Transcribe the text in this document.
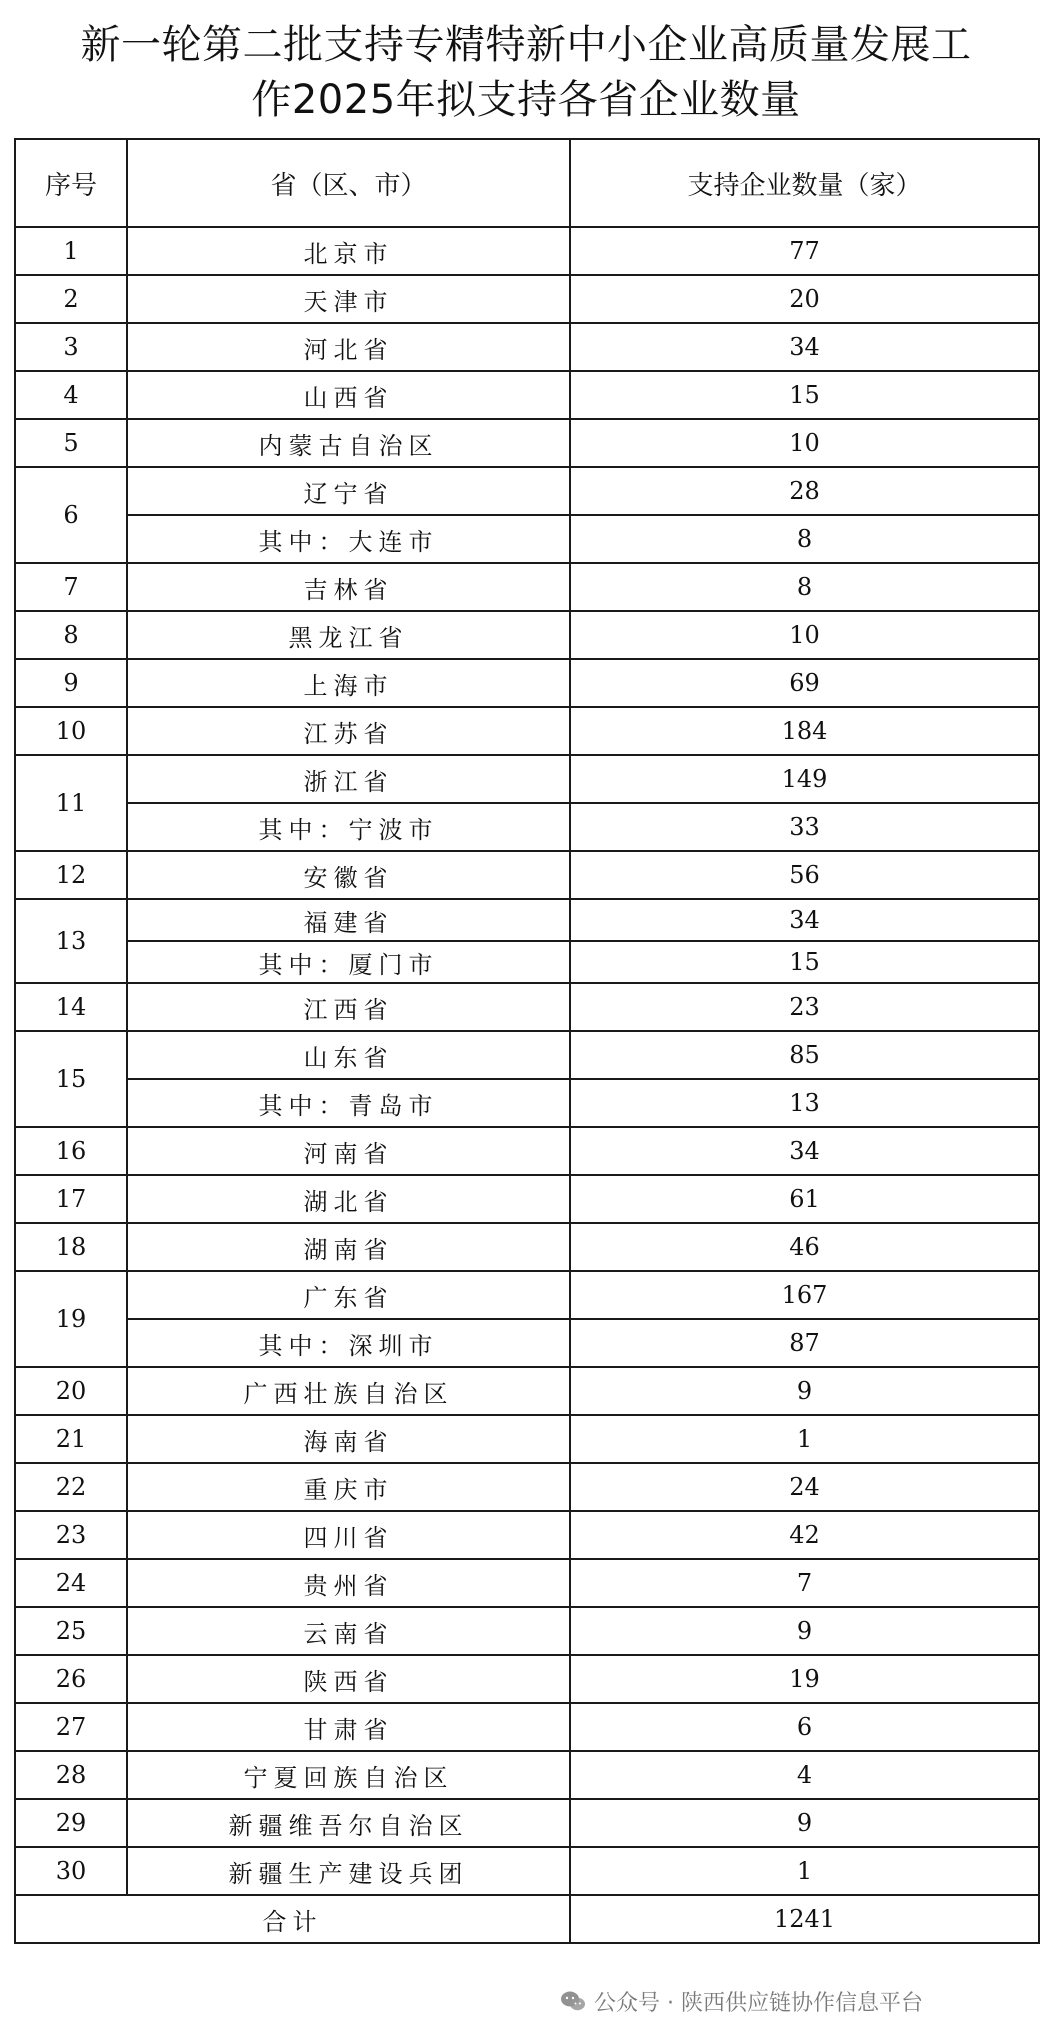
新一轮第二批支持专精特新中小企业高质量发展工
作2025年拟支持各省企业数量
序号	省（区、市）	支持企业数量（家）
1	北京市	77
2	天津市	20
3	河北省	34
4	山西省	15
5	内蒙古自治区	10
6	辽宁省	28
	其中：大连市	8
7	吉林省	8
8	黑龙江省	10
9	上海市	69
10	江苏省	184
11	浙江省	149
	其中：宁波市	33
12	安徽省	56
13	福建省	34
	其中：厦门市	15
14	江西省	23
15	山东省	85
	其中：青岛市	13
16	河南省	34
17	湖北省	61
18	湖南省	46
19	广东省	167
	其中：深圳市	87
20	广西壮族自治区	9
21	海南省	1
22	重庆市	24
23	四川省	42
24	贵州省	7
25	云南省	9
26	陕西省	19
27	甘肃省	6
28	宁夏回族自治区	4
29	新疆维吾尔自治区	9
30	新疆生产建设兵团	1
合计		1241
公众号 · 陕西供应链协作信息平台
